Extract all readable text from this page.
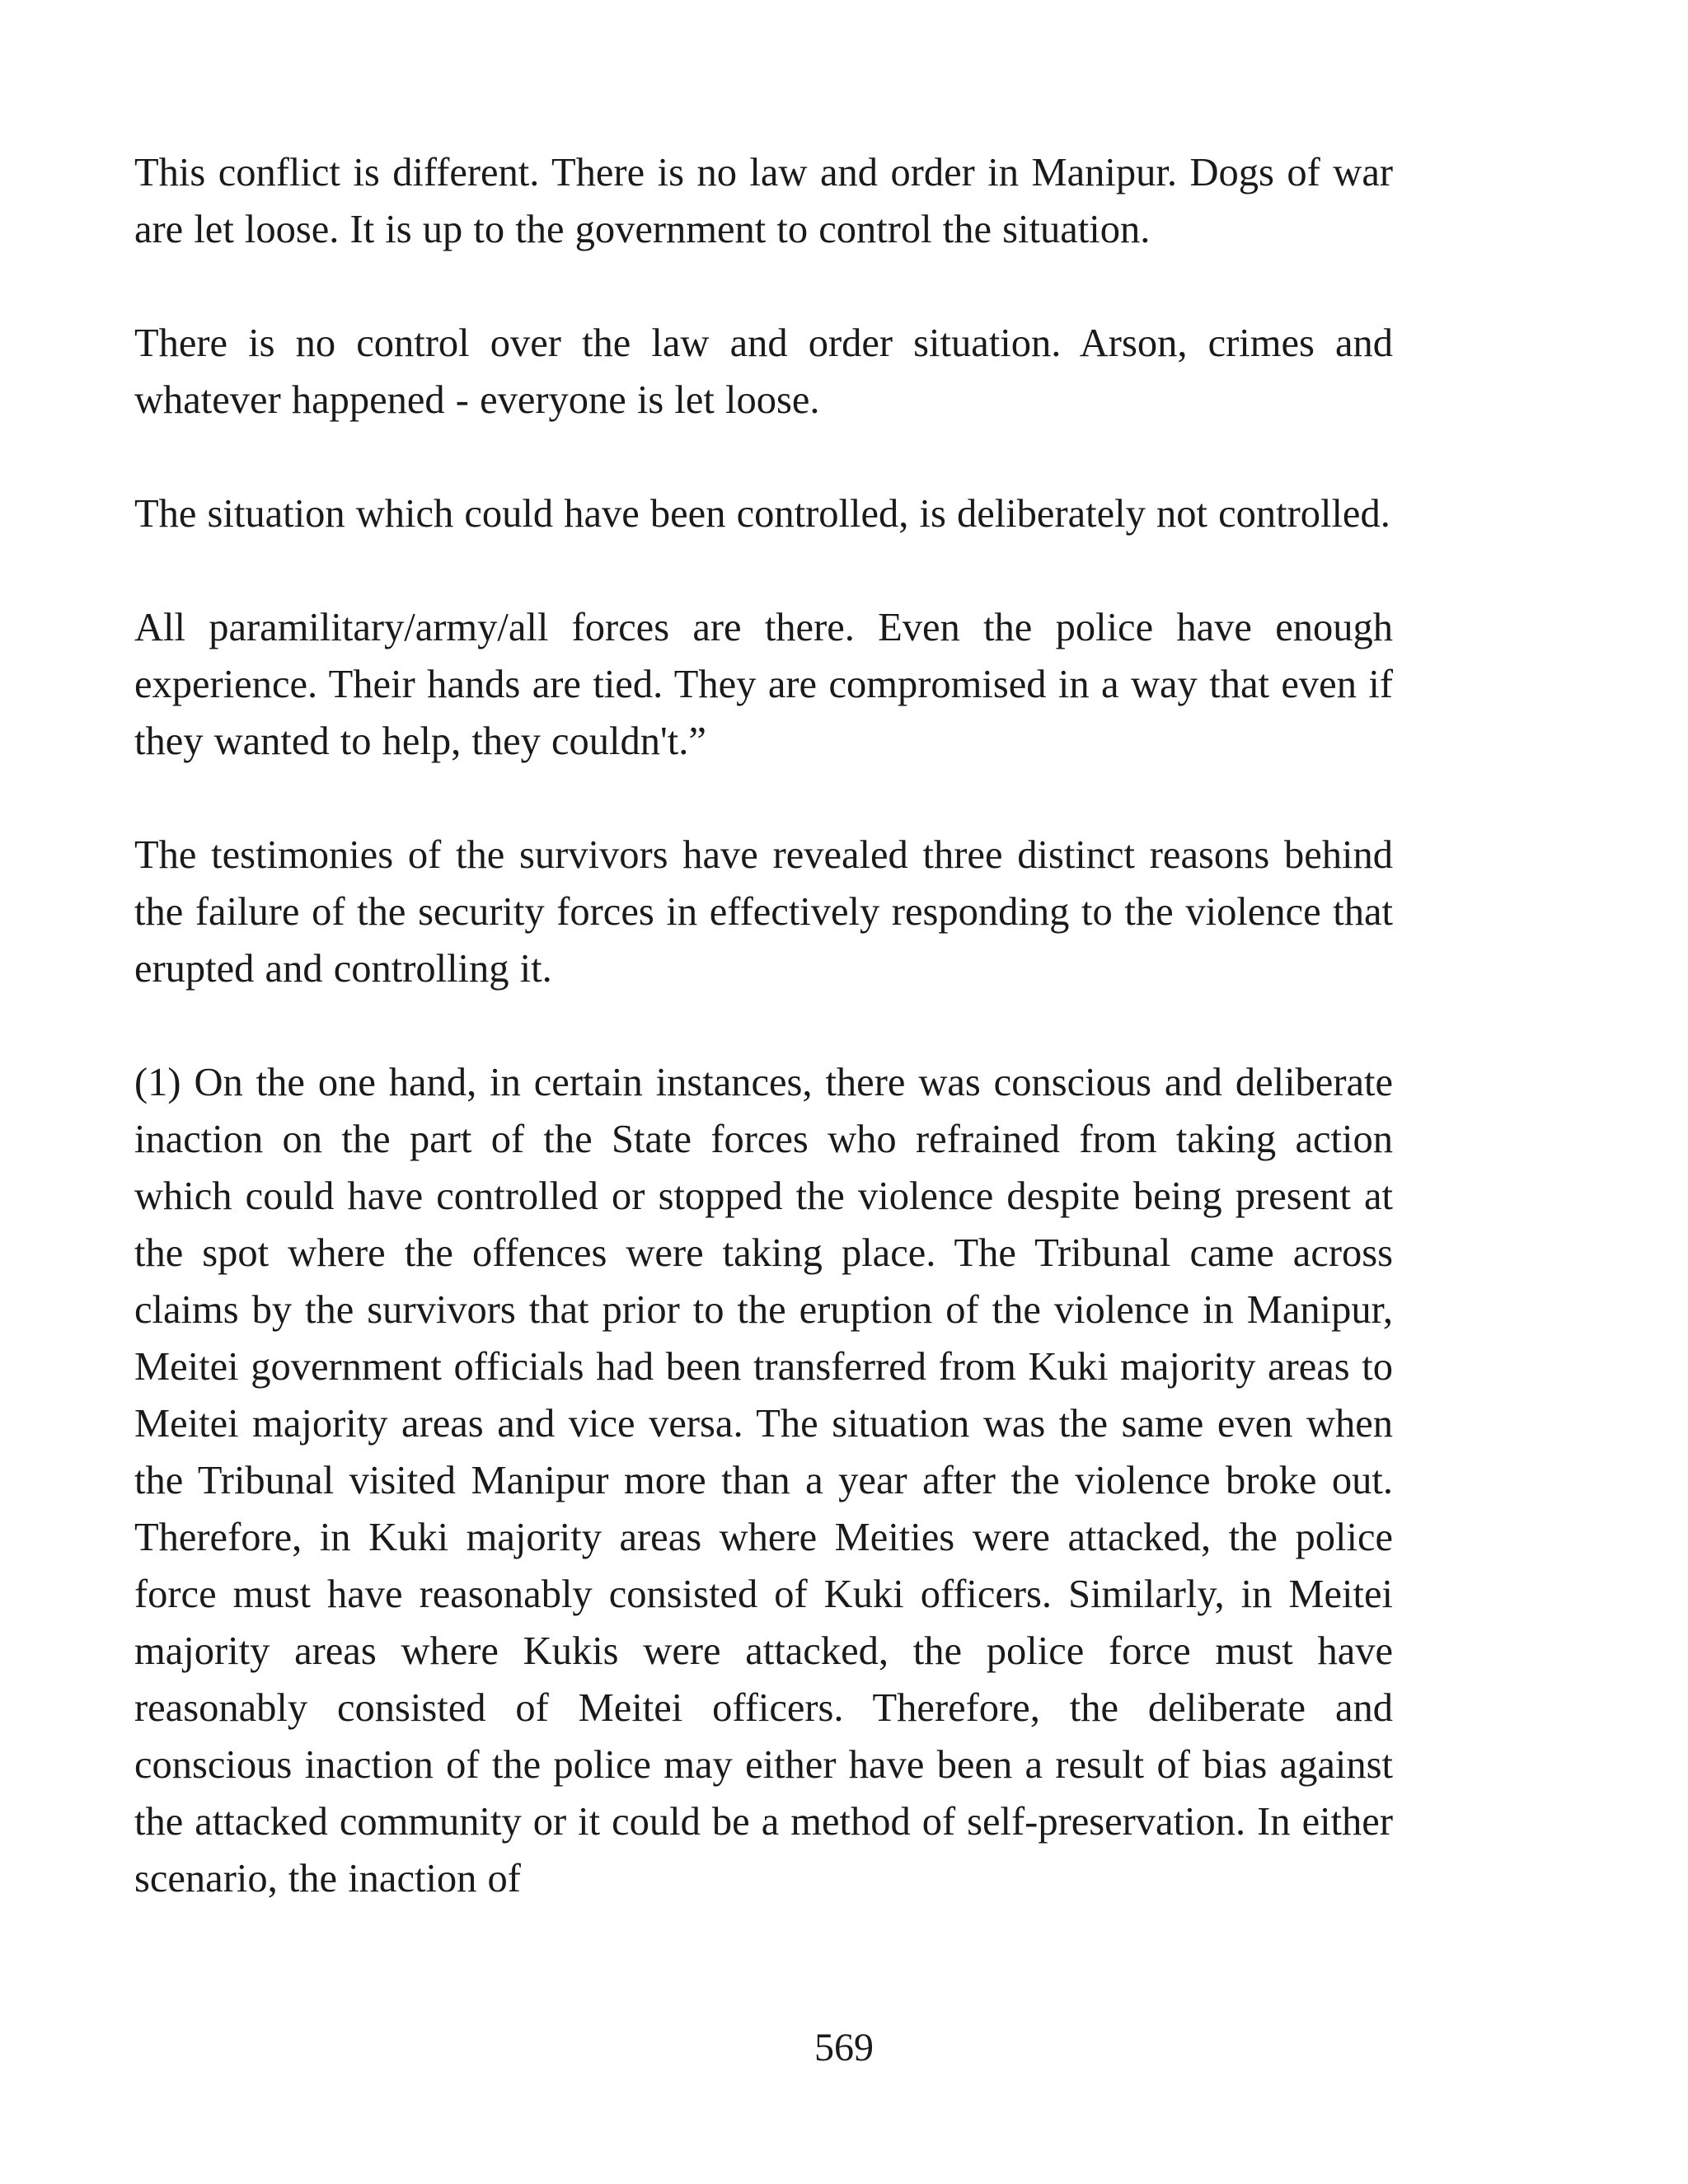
This conflict is different. There is no law and order in Manipur. Dogs of war are let loose. It is up to the government to control the situation.

There is no control over the law and order situation. Arson, crimes and whatever happened - everyone is let loose.

The situation which could have been controlled, is deliberately not controlled.

All paramilitary/army/all forces are there. Even the police have enough experience. Their hands are tied. They are compromised in a way that even if they wanted to help, they couldn't.”

The testimonies of the survivors have revealed three distinct reasons behind the failure of the security forces in effectively responding to the violence that erupted and controlling it.

(1) On the one hand, in certain instances, there was conscious and deliberate inaction on the part of the State forces who refrained from taking action which could have controlled or stopped the violence despite being present at the spot where the offences were taking place. The Tribunal came across claims by the survivors that prior to the eruption of the violence in Manipur, Meitei government officials had been transferred from Kuki majority areas to Meitei majority areas and vice versa. The situation was the same even when the Tribunal visited Manipur more than a year after the violence broke out. Therefore, in Kuki majority areas where Meities were attacked, the police force must have reasonably consisted of Kuki officers. Similarly, in Meitei majority areas where Kukis were attacked, the police force must have reasonably consisted of Meitei officers. Therefore, the deliberate and conscious inaction of the police may either have been a result of bias against the attacked community or it could be a method of self-preservation. In either scenario, the inaction of

569
